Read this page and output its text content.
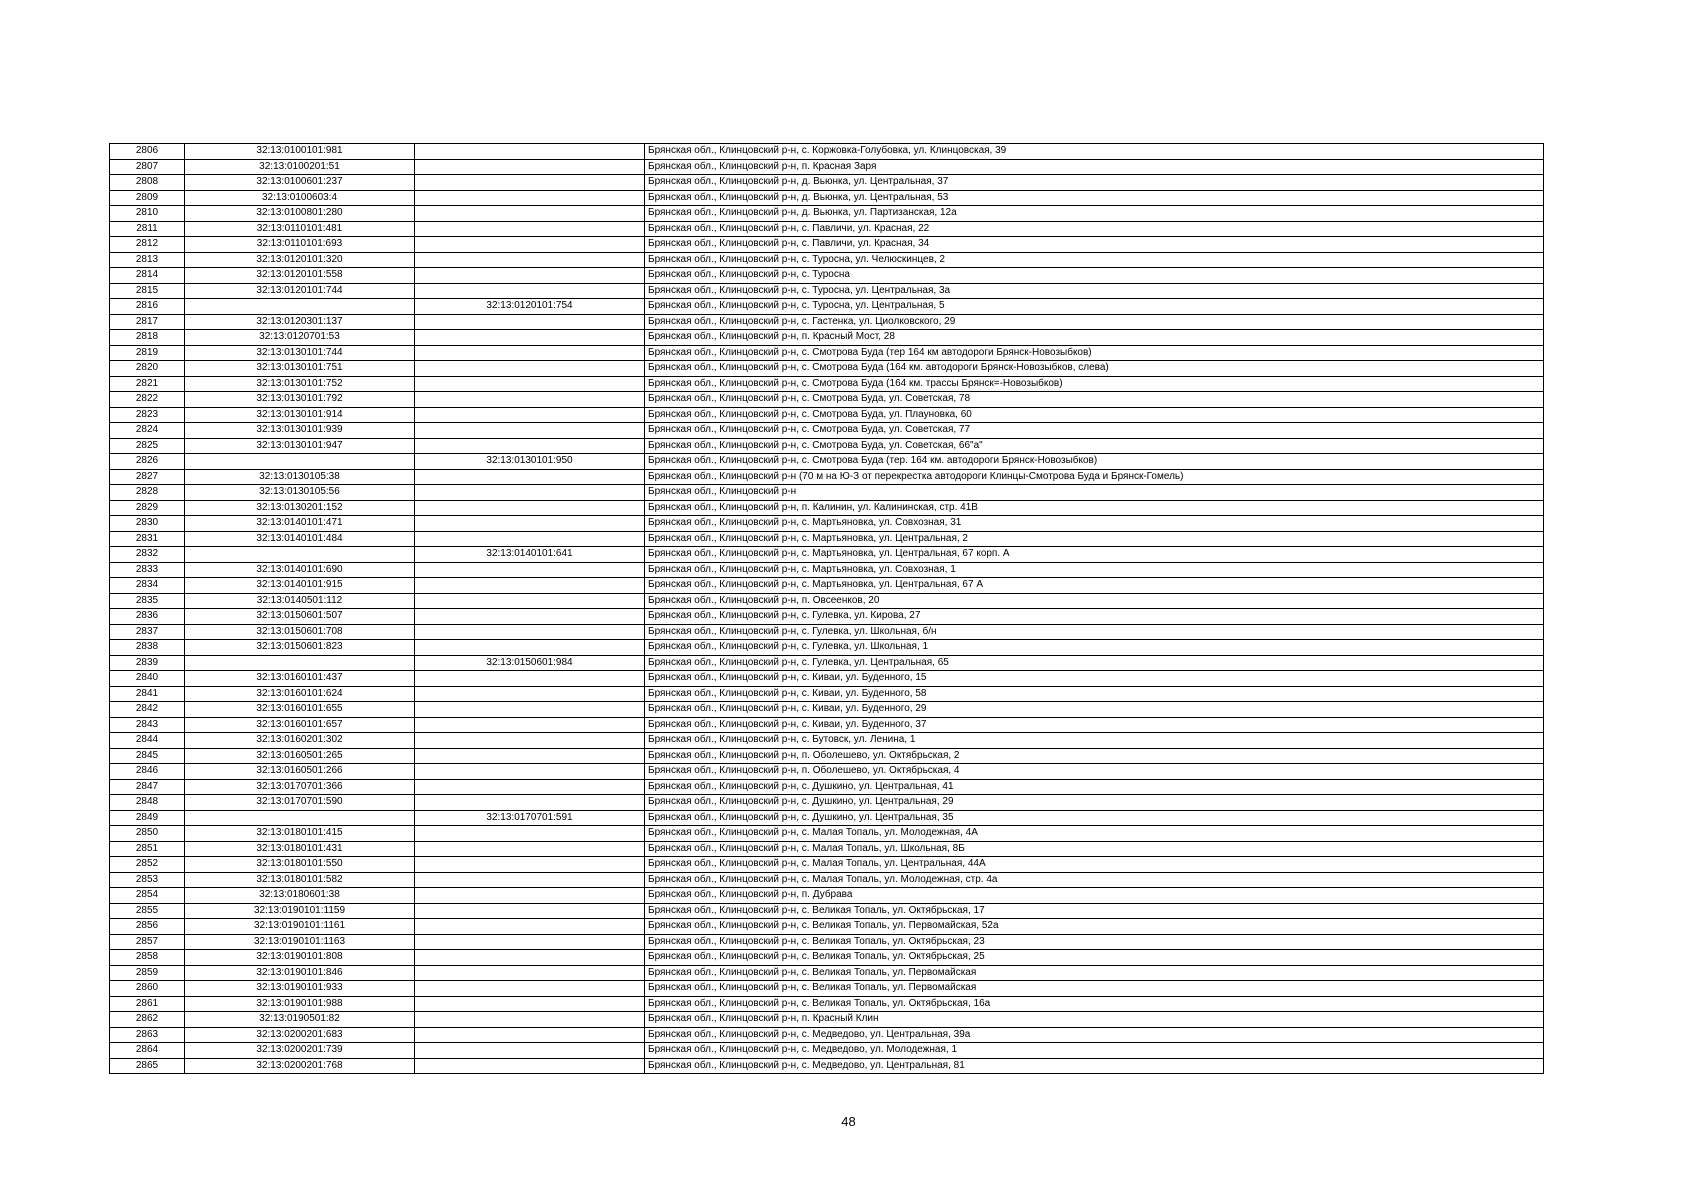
2806	32:13:0100101:981		Брянская обл., Клинцовский р-н, с. Коржовка-Голубовка, ул. Клинцовская, 39
2807	32:13:0100201:51		Брянская обл., Клинцовский р-н, п. Красная Заря
2808	32:13:0100601:237		Брянская обл., Клинцовский р-н, д. Вьюнка, ул. Центральная, 37
2809	32:13:0100603:4		Брянская обл., Клинцовский р-н, д. Вьюнка, ул. Центральная, 53
2810	32:13:0100801:280		Брянская обл., Клинцовский р-н, д. Вьюнка, ул. Партизанская, 12а
2811	32:13:0110101:481		Брянская обл., Клинцовский р-н, с. Павличи, ул. Красная, 22
2812	32:13:0110101:693		Брянская обл., Клинцовский р-н, с. Павличи, ул. Красная, 34
2813	32:13:0120101:320		Брянская обл., Клинцовский р-н, с. Туросна, ул. Челюскинцев, 2
2814	32:13:0120101:558		Брянская обл., Клинцовский р-н, с. Туросна
2815	32:13:0120101:744		Брянская обл., Клинцовский р-н, с. Туросна, ул. Центральная, 3а
2816		32:13:0120101:754	Брянская обл., Клинцовский р-н, с. Туросна, ул. Центральная, 5
2817	32:13:0120301:137		Брянская обл., Клинцовский р-н, с. Гастенка, ул. Циолковского, 29
2818	32:13:0120701:53		Брянская обл., Клинцовский р-н, п. Красный Мост, 28
2819	32:13:0130101:744		Брянская обл., Клинцовский р-н, с. Смотрова Буда (тер 164 км автодороги Брянск-Новозыбков)
2820	32:13:0130101:751		Брянская обл., Клинцовский р-н, с. Смотрова Буда (164 км. автодороги Брянск-Новозыбков, слева)
2821	32:13:0130101:752		Брянская обл., Клинцовский р-н, с. Смотрова Буда (164 км. трассы Брянск=-Новозыбков)
2822	32:13:0130101:792		Брянская обл., Клинцовский р-н, с. Смотрова Буда, ул. Советская, 78
2823	32:13:0130101:914		Брянская обл., Клинцовский р-н, с. Смотрова Буда, ул. Плауновка, 60
2824	32:13:0130101:939		Брянская обл., Клинцовский р-н, с. Смотрова Буда, ул. Советская, 77
2825	32:13:0130101:947		Брянская обл., Клинцовский р-н, с. Смотрова Буда, ул. Советская, 66"а"
2826		32:13:0130101:950	Брянская обл., Клинцовский р-н, с. Смотрова Буда (тер. 164 км. автодороги Брянск-Новозыбков)
2827	32:13:0130105:38		Брянская обл., Клинцовский р-н (70 м на Ю-З от перекрестка автодороги Клинцы-Смотрова Буда и Брянск-Гомель)
2828	32:13:0130105:56		Брянская обл., Клинцовский р-н
2829	32:13:0130201:152		Брянская обл., Клинцовский р-н, п. Калинин, ул. Калининская, стр. 41В
2830	32:13:0140101:471		Брянская обл., Клинцовский р-н, с. Мартьяновка, ул. Совхозная, 31
2831	32:13:0140101:484		Брянская обл., Клинцовский р-н, с. Мартьяновка, ул. Центральная, 2
2832		32:13:0140101:641	Брянская обл., Клинцовский р-н, с. Мартьяновка, ул. Центральная, 67 корп. А
2833	32:13:0140101:690		Брянская обл., Клинцовский р-н, с. Мартьяновка, ул. Совхозная, 1
2834	32:13:0140101:915		Брянская обл., Клинцовский р-н, с. Мартьяновка, ул. Центральная, 67 А
2835	32:13:0140501:112		Брянская обл., Клинцовский р-н, п. Овсеенков, 20
2836	32:13:0150601:507		Брянская обл., Клинцовский р-н, с. Гулевка, ул. Кирова, 27
2837	32:13:0150601:708		Брянская обл., Клинцовский р-н, с. Гулевка, ул. Школьная, б/н
2838	32:13:0150601:823		Брянская обл., Клинцовский р-н, с. Гулевка, ул. Школьная, 1
2839		32:13:0150601:984	Брянская обл., Клинцовский р-н, с. Гулевка, ул. Центральная, 65
2840	32:13:0160101:437		Брянская обл., Клинцовский р-н, с. Киваи, ул. Буденного, 15
2841	32:13:0160101:624		Брянская обл., Клинцовский р-н, с. Киваи, ул. Буденного, 58
2842	32:13:0160101:655		Брянская обл., Клинцовский р-н, с. Киваи, ул. Буденного, 29
2843	32:13:0160101:657		Брянская обл., Клинцовский р-н, с. Киваи, ул. Буденного, 37
2844	32:13:0160201:302		Брянская обл., Клинцовский р-н, с. Бутовск, ул. Ленина, 1
2845	32:13:0160501:265		Брянская обл., Клинцовский р-н, п. Оболешево, ул. Октябрьская, 2
2846	32:13:0160501:266		Брянская обл., Клинцовский р-н, п. Оболешево, ул. Октябрьская, 4
2847	32:13:0170701:366		Брянская обл., Клинцовский р-н, с. Душкино, ул. Центральная, 41
2848	32:13:0170701:590		Брянская обл., Клинцовский р-н, с. Душкино, ул. Центральная, 29
2849		32:13:0170701:591	Брянская обл., Клинцовский р-н, с. Душкино, ул. Центральная, 35
2850	32:13:0180101:415		Брянская обл., Клинцовский р-н, с. Малая Топаль, ул. Молодежная, 4А
2851	32:13:0180101:431		Брянская обл., Клинцовский р-н, с. Малая Топаль, ул. Школьная, 8Б
2852	32:13:0180101:550		Брянская обл., Клинцовский р-н, с. Малая Топаль, ул. Центральная, 44А
2853	32:13:0180101:582		Брянская обл., Клинцовский р-н, с. Малая Топаль, ул. Молодежная, стр. 4а
2854	32:13:0180601:38		Брянская обл., Клинцовский р-н, п. Дубрава
2855	32:13:0190101:1159		Брянская обл., Клинцовский р-н, с. Великая Топаль, ул. Октябрьская, 17
2856	32:13:0190101:1161		Брянская обл., Клинцовский р-н, с. Великая Топаль, ул. Первомайская, 52а
2857	32:13:0190101:1163		Брянская обл., Клинцовский р-н, с. Великая Топаль, ул. Октябрьская, 23
2858	32:13:0190101:808		Брянская обл., Клинцовский р-н, с. Великая Топаль, ул. Октябрьская, 25
2859	32:13:0190101:846		Брянская обл., Клинцовский р-н, с. Великая Топаль, ул. Первомайская
2860	32:13:0190101:933		Брянская обл., Клинцовский р-н, с. Великая Топаль, ул. Первомайская
2861	32:13:0190101:988		Брянская обл., Клинцовский р-н, с. Великая Топаль, ул. Октябрьская, 16а
2862	32:13:0190501:82		Брянская обл., Клинцовский р-н, п. Красный Клин
2863	32:13:0200201:683		Брянская обл., Клинцовский р-н, с. Медведово, ул. Центральная, 39а
2864	32:13:0200201:739		Брянская обл., Клинцовский р-н, с. Медведово, ул. Молодежная, 1
2865	32:13:0200201:768		Брянская обл., Клинцовский р-н, с. Медведово, ул. Центральная, 81
48
